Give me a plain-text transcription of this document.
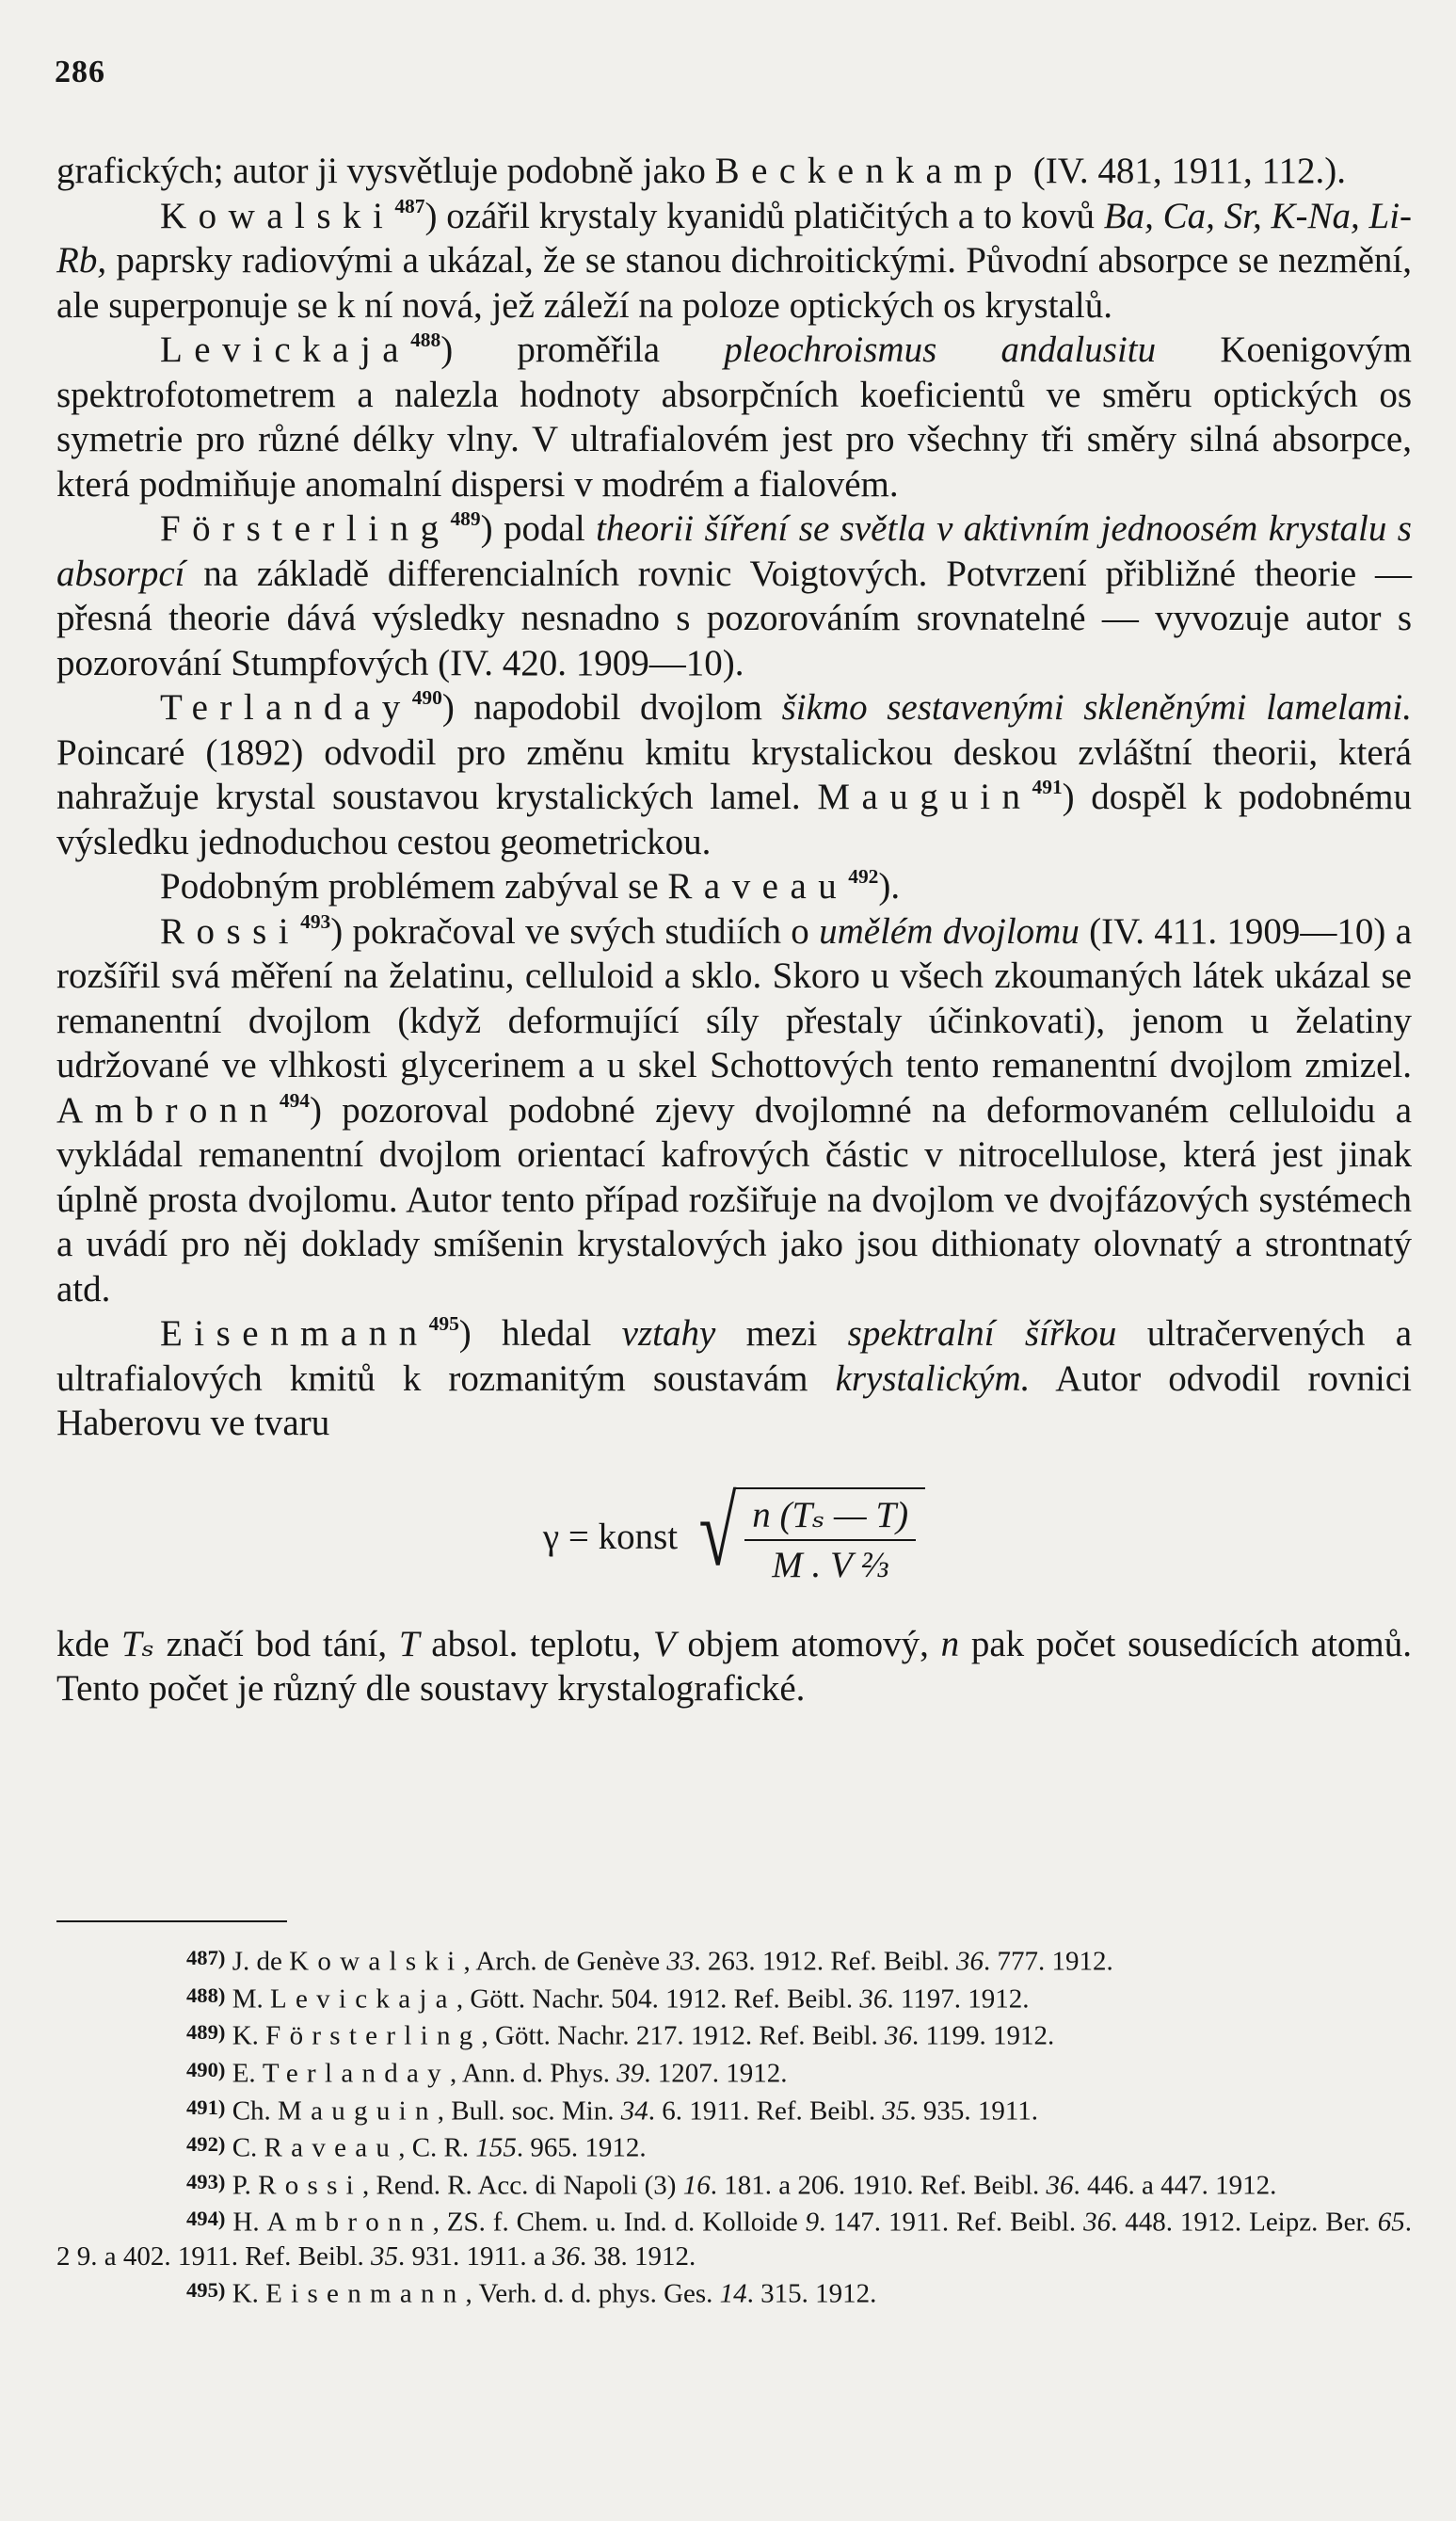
286

grafických; autor ji vysvětluje podobně jako Beckenkamp (IV. 481, 1911, 112.).

Kowalski$^{487}$) ozářil krystaly kyanidů platičitých a to kovů Ba, Ca, Sr, K-Na, Li-Rb, paprsky radiovými a ukázal, že se stanou dichroitickými. Původní absorpce se nezmění, ale superponuje se k ní nová, jež záleží na poloze optických os krystalů.

Levickaja$^{488}$) proměřila pleochroismus andalusitu Koenigovým spektrofotometrem a nalezla hodnoty absorpčních koeficientů ve směru optických os symetrie pro různé délky vlny. V ultrafialovém jest pro všechny tři směry silná absorpce, která podmiňuje anomalní dispersi v modrém a fialovém.

Försterling$^{489}$) podal theorii šíření se světla v aktivním jednoosém krystalu s absorpcí na základě differencialních rovnic Voigtových. Potvrzení přibližné theorie — přesná theorie dává výsledky nesnadno s pozorováním srovnatelné — vyvozuje autor s pozorování Stumpfových (IV. 420. 1909—10).

Terlanday$^{490}$) napodobil dvojlom šikmo sestavenými skleněnými lamelami. Poincaré (1892) odvodil pro změnu kmitu krystalickou deskou zvláštní theorii, která nahražuje krystal soustavou krystalických lamel. Mauguin$^{491}$) dospěl k podobnému výsledku jednoduchou cestou geometrickou.

Podobným problémem zabýval se Raveau$^{492}$).

Rossi$^{493}$) pokračoval ve svých studiích o umělém dvojlomu (IV. 411. 1909—10) a rozšířil svá měření na želatinu, celluloid a sklo. Skoro u všech zkoumaných látek ukázal se remanentní dvojlom (když deformující síly přestaly účinkovati), jenom u želatiny udržované ve vlhkosti glycerinem a u skel Schottových tento remanentní dvojlom zmizel. Ambronn$^{494}$) pozoroval podobné zjevy dvojlomné na deformovaném celluloidu a vykládal remanentní dvojlom orientací kafrových částic v nitrocellulose, která jest jinak úplně prosta dvojlomu. Autor tento případ rozšiřuje na dvojlom ve dvojfázových systémech a uvádí pro něj doklady smíšenin krystalových jako jsou dithionaty olovnatý a strontnatý atd.

Eisenmann$^{495}$) hledal vztahy mezi spektralní šířkou ultračervených a ultrafialových kmitů k rozmanitým soustavám krystalickým. Autor odvodil rovnici Haberovu ve tvaru

γ = konst √
$\frac{\text{n (Tₛ — T)}}{\text{M . V ⅔}}$

kde Tₛ značí bod tání, T absol. teplotu, V objem atomový, n pak počet sousedících atomů. Tento počet je různý dle soustavy krystalografické.

487) J. de Kowalski, Arch. de Genève 33. 263. 1912. Ref. Beibl. 36. 777. 1912.

488) M. Levickaja, Gött. Nachr. 504. 1912. Ref. Beibl. 36. 1197. 1912.

489) K. Försterling, Gött. Nachr. 217. 1912. Ref. Beibl. 36. 1199. 1912.

490) E. Terlanday, Ann. d. Phys. 39. 1207. 1912.

491) Ch. Mauguin, Bull. soc. Min. 34. 6. 1911. Ref. Beibl. 35. 935. 1911.

492) C. Raveau, C. R. 155. 965. 1912.

493) P. Rossi, Rend. R. Acc. di Napoli (3) 16. 181. a 206. 1910. Ref. Beibl. 36. 446. a 447. 1912.

494) H. Ambronn, ZS. f. Chem. u. Ind. d. Kolloide 9. 147. 1911. Ref. Beibl. 36. 448. 1912. Leipz. Ber. 65. 2 9. a 402. 1911. Ref. Beibl. 35. 931. 1911. a 36. 38. 1912.

495) K. Eisenmann, Verh. d. d. phys. Ges. 14. 315. 1912.
